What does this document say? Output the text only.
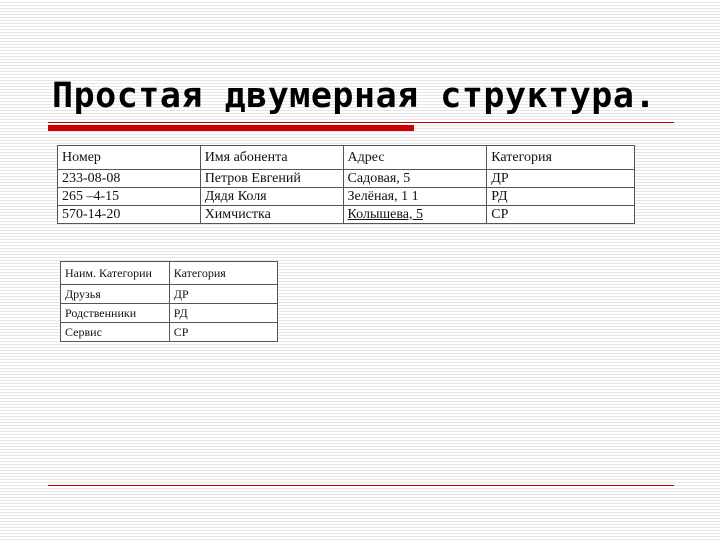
Простая двумерная структура.
Номер	Имя абонента	Адрес	Категория
233-08-08	Петров Евгений	Садовая, 5	ДР
265 –4-15	Дядя Коля	Зелёная, 1 1	РД
570-14-20	Химчистка	Колышева, 5	СР
Наим. Категории	Категория
Друзья	ДР
Родственники	РД
Сервис	СР
